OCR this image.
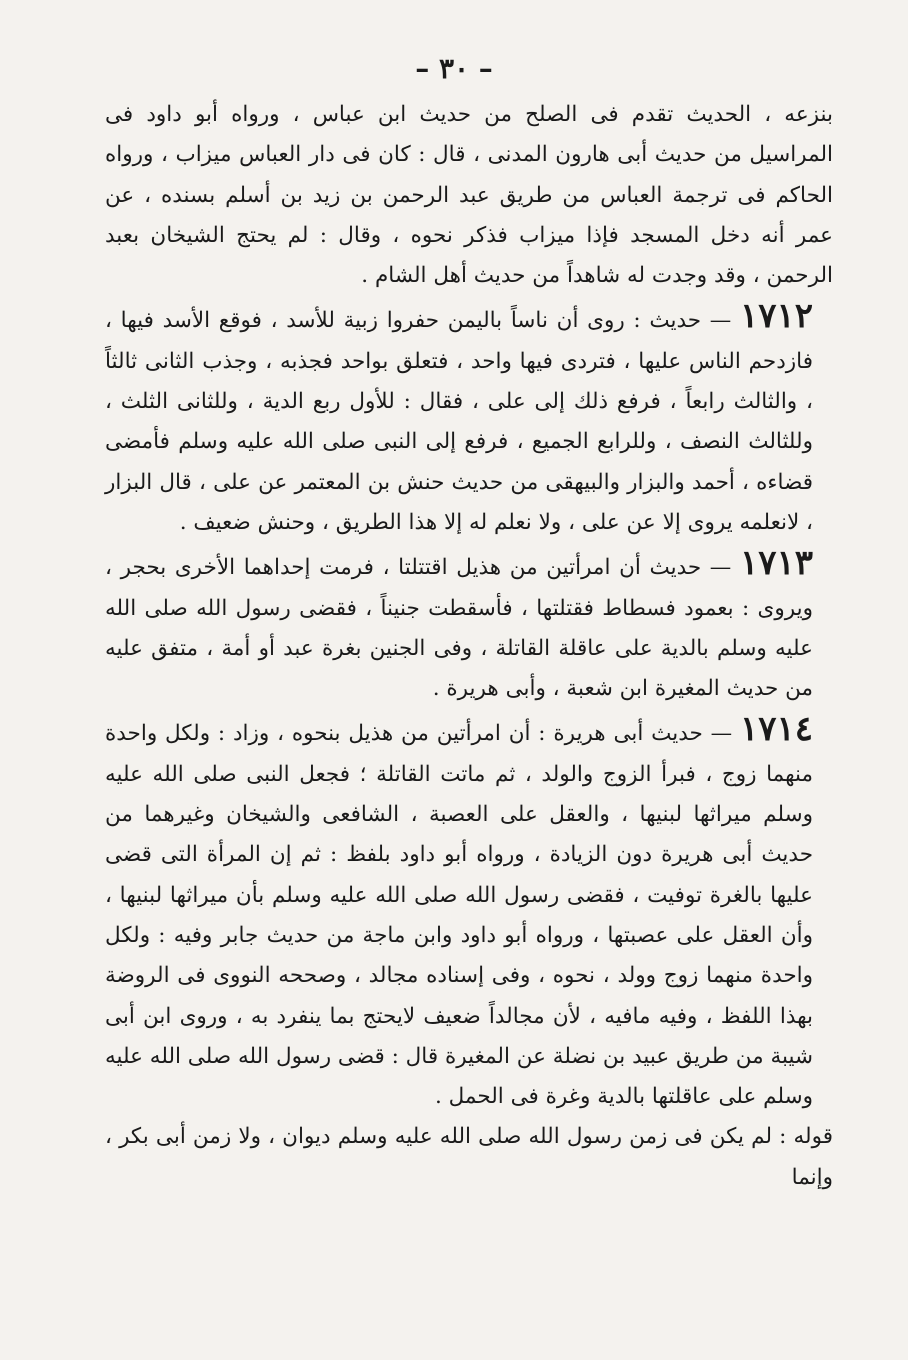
– ٣٠ –

بنزعه ، الحديث تقدم فى الصلح من حديث ابن عباس ، ورواه أبو داود فى المراسيل من حديث أبى هارون المدنى ، قال : كان فى دار العباس ميزاب ، ورواه الحاكم فى ترجمة العباس من طريق عبد الرحمن بن زيد بن أسلم بسنده ، عن عمر أنه دخل المسجد فإذا ميزاب فذكر نحوه ، وقال : لم يحتج الشيخان بعبد الرحمن ، وقد وجدت له شاهداً من حديث أهل الشام .

١٧١٢ — حديث : روى أن ناساً باليمن حفروا زبية للأسد ، فوقع الأسد فيها ، فازدحم الناس عليها ، فتردى فيها واحد ، فتعلق بواحد فجذبه ، وجذب الثانى ثالثاً ، والثالث رابعاً ، فرفع ذلك إلى على ، فقال : للأول ربع الدية ، وللثانى الثلث ، وللثالث النصف ، وللرابع الجميع ، فرفع إلى النبى صلى الله عليه وسلم فأمضى قضاءه ، أحمد والبزار والبيهقى من حديث حنش بن المعتمر عن على ، قال البزار ، لانعلمه يروى إلا عن على ، ولا نعلم له إلا هذا الطريق ، وحنش ضعيف .

١٧١٣ — حديث أن امرأتين من هذيل اقتتلتا ، فرمت إحداهما الأخرى بحجر ، ويروى : بعمود فسطاط فقتلتها ، فأسقطت جنيناً ، فقضى رسول الله صلى الله عليه وسلم بالدية على عاقلة القاتلة ، وفى الجنين بغرة عبد أو أمة ، متفق عليه من حديث المغيرة ابن شعبة ، وأبى هريرة .

١٧١٤ — حديث أبى هريرة : أن امرأتين من هذيل بنحوه ، وزاد : ولكل واحدة منهما زوج ، فبرأ الزوج والولد ، ثم ماتت القاتلة ؛ فجعل النبى صلى الله عليه وسلم ميراثها لبنيها ، والعقل على العصبة ، الشافعى والشيخان وغيرهما من حديث أبى هريرة دون الزيادة ، ورواه أبو داود بلفظ : ثم إن المرأة التى قضى عليها بالغرة توفيت ، فقضى رسول الله صلى الله عليه وسلم بأن ميراثها لبنيها ، وأن العقل على عصبتها ، ورواه أبو داود وابن ماجة من حديث جابر وفيه : ولكل واحدة منهما زوج وولد ، نحوه ، وفى إسناده مجالد ، وصححه النووى فى الروضة بهذا اللفظ ، وفيه مافيه ، لأن مجالداً ضعيف لايحتج بما ينفرد به ، وروى ابن أبى شيبة من طريق عبيد بن نضلة عن المغيرة قال : قضى رسول الله صلى الله عليه وسلم على عاقلتها بالدية وغرة فى الحمل .

قوله : لم يكن فى زمن رسول الله صلى الله عليه وسلم ديوان ، ولا زمن أبى بكر ، وإنما
